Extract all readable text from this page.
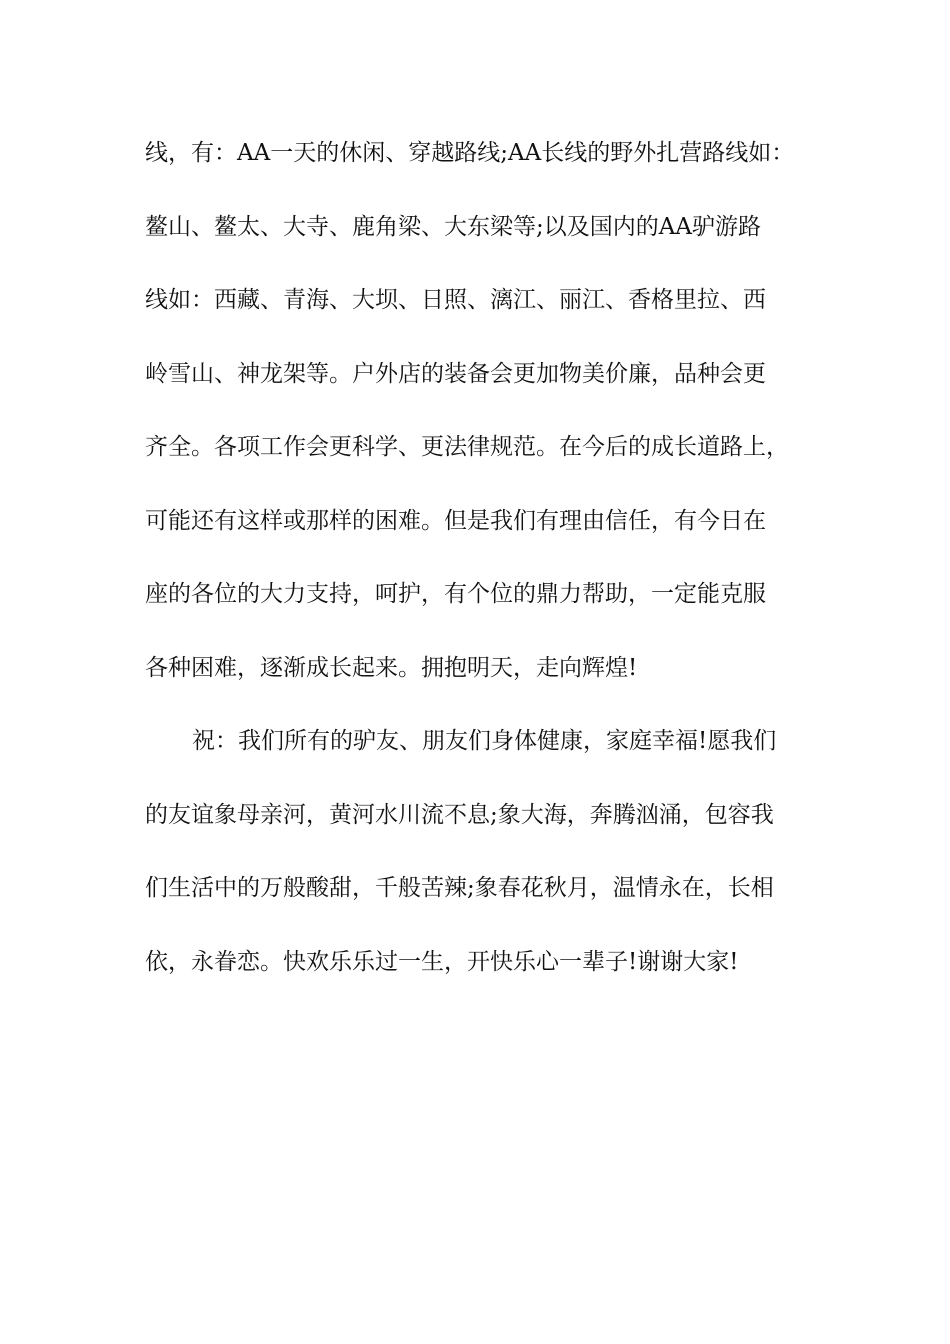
线，有：AA一天的休闲、穿越路线;AA长线的野外扎营路线如：
鳌山、鳌太、大寺、鹿角梁、大东梁等;以及国内的AA驴游路
线如：西藏、青海、大坝、日照、漓江、丽江、香格里拉、西
岭雪山、神龙架等。户外店的装备会更加物美价廉，品种会更
齐全。各项工作会更科学、更法律规范。在今后的成长道路上，
可能还有这样或那样的困难。但是我们有理由信任，有今日在
座的各位的大力支持，呵护，有个位的鼎力帮助，一定能克服
各种困难，逐渐成长起来。拥抱明天，走向辉煌!
祝：我们所有的驴友、朋友们身体健康，家庭幸福!愿我们
的友谊象母亲河，黄河水川流不息;象大海，奔腾汹涌，包容我
们生活中的万般酸甜，千般苦辣;象春花秋月，温情永在，长相
依，永眷恋。快欢乐乐过一生，开快乐心一辈子!谢谢大家!
